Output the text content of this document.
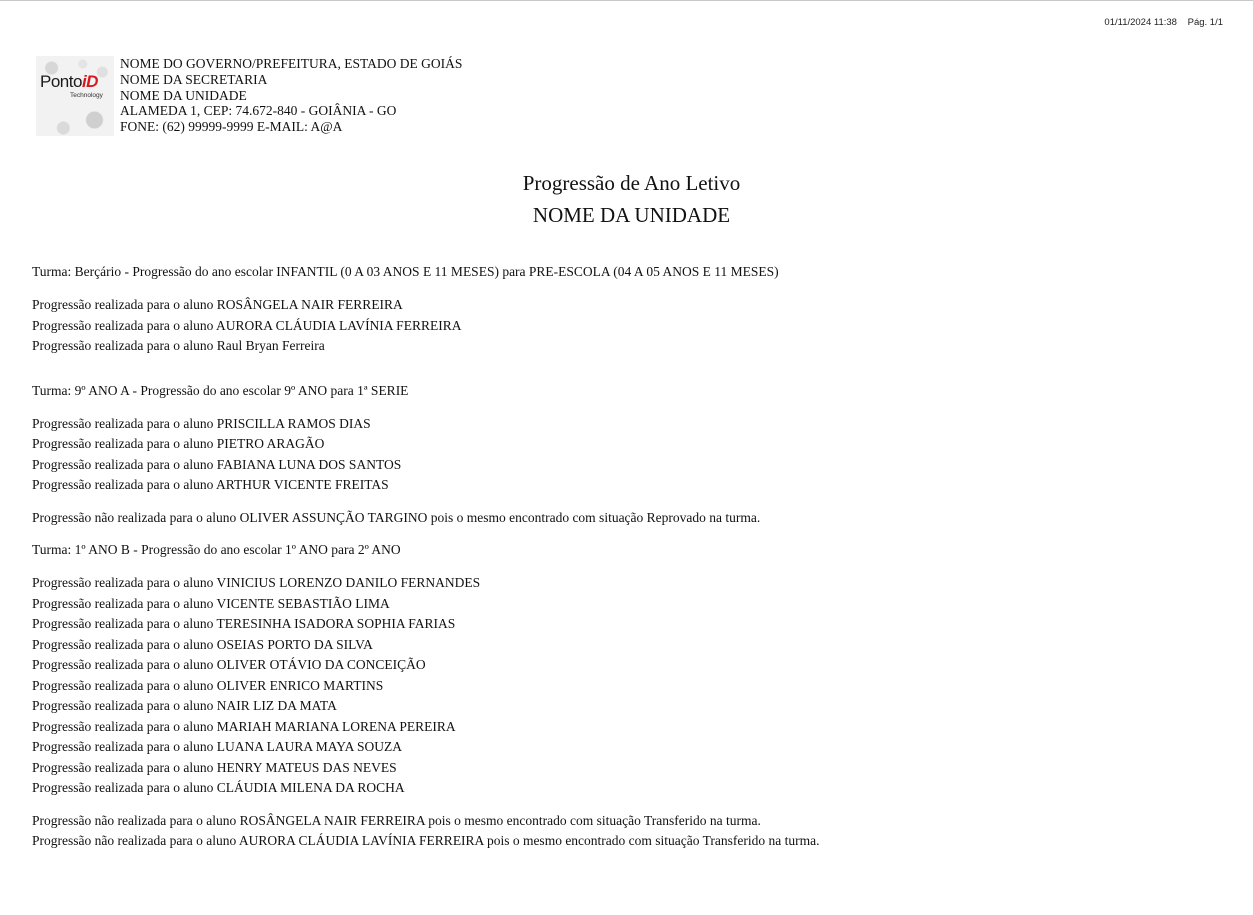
01/11/2024 11:38 Pág. 1/1
PontoiD
Technology
NOME DO GOVERNO/PREFEITURA, ESTADO DE GOIÁS
NOME DA SECRETARIA
NOME DA UNIDADE
ALAMEDA 1, CEP: 74.672-840 - GOIÂNIA - GO
FONE: (62) 99999-9999 E-MAIL: A@A
Progressão de Ano Letivo
NOME DA UNIDADE
Turma: Berçário - Progressão do ano escolar INFANTIL (0 A 03 ANOS E 11 MESES) para PRE-ESCOLA (04 A 05 ANOS E 11 MESES)
Progressão realizada para o aluno ROSÂNGELA NAIR FERREIRA
Progressão realizada para o aluno AURORA CLÁUDIA LAVÍNIA FERREIRA
Progressão realizada para o aluno Raul Bryan Ferreira
Turma: 9º ANO A - Progressão do ano escolar 9º ANO para 1ª SERIE
Progressão realizada para o aluno PRISCILLA RAMOS DIAS
Progressão realizada para o aluno PIETRO ARAGÃO
Progressão realizada para o aluno FABIANA LUNA DOS SANTOS
Progressão realizada para o aluno ARTHUR VICENTE FREITAS
Progressão não realizada para o aluno OLIVER ASSUNÇÃO TARGINO pois o mesmo encontrado com situação Reprovado na turma.
Turma: 1º ANO B - Progressão do ano escolar 1º ANO para 2º ANO
Progressão realizada para o aluno VINICIUS LORENZO DANILO FERNANDES
Progressão realizada para o aluno VICENTE SEBASTIÃO LIMA
Progressão realizada para o aluno TERESINHA ISADORA SOPHIA FARIAS
Progressão realizada para o aluno OSEIAS PORTO DA SILVA
Progressão realizada para o aluno OLIVER OTÁVIO DA CONCEIÇÃO
Progressão realizada para o aluno OLIVER ENRICO MARTINS
Progressão realizada para o aluno NAIR LIZ DA MATA
Progressão realizada para o aluno MARIAH MARIANA LORENA PEREIRA
Progressão realizada para o aluno LUANA LAURA MAYA SOUZA
Progressão realizada para o aluno HENRY MATEUS DAS NEVES
Progressão realizada para o aluno CLÁUDIA MILENA DA ROCHA
Progressão não realizada para o aluno ROSÂNGELA NAIR FERREIRA pois o mesmo encontrado com situação Transferido na turma.
Progressão não realizada para o aluno AURORA CLÁUDIA LAVÍNIA FERREIRA pois o mesmo encontrado com situação Transferido na turma.
